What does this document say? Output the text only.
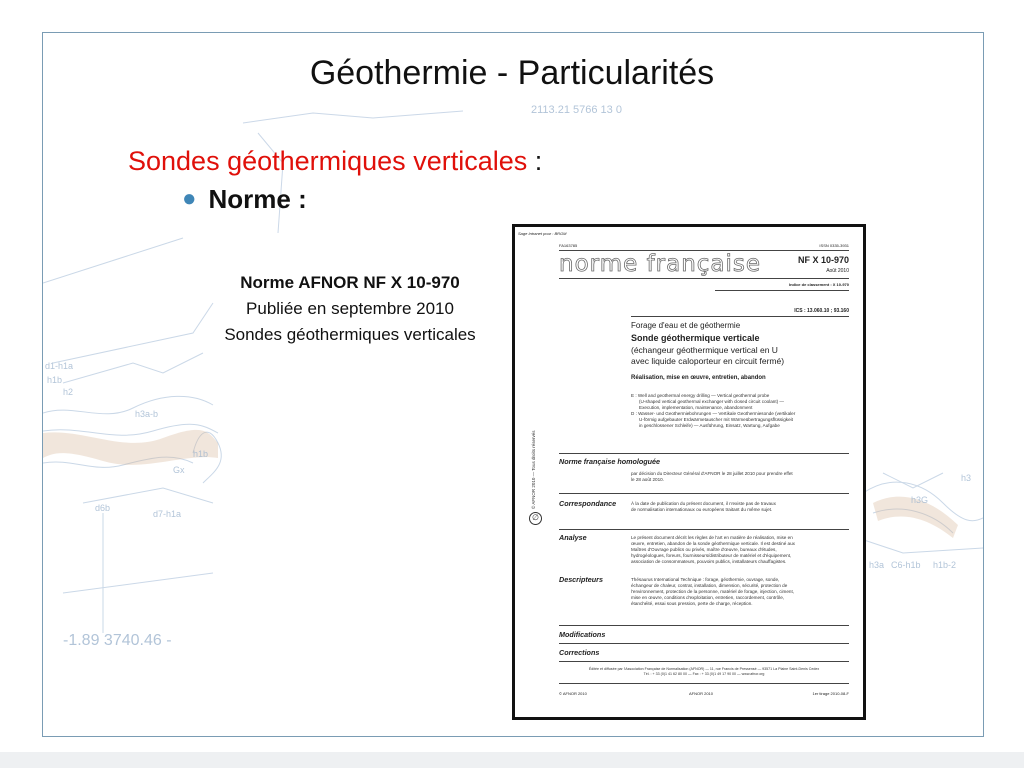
2113.21 5766 13 0
-1.89 3740.46 -
d1-h1a
h1b
h2
h3a-b
d6b
d7-h1a
Gx
h1b
h3
h3G
h3a C6-h1b h1b-2
Géothermie - Particularités
Sondes géothermiques verticales :
● Norme :
Norme AFNOR NF X 10-970
Publiée en septembre 2010
Sondes géothermiques verticales
Sage Intranet pour : BRGM
FA163785	ISSN 0335-3931
norme française	NF X 10-970
Août 2010
Indice de classement : X 10-970
ICS : 13.060.10 ; 93.160
Forage d'eau et de géothermie
Sonde géothermique verticale
(échangeur géothermique vertical en U
avec liquide caloporteur en circuit fermé)
Réalisation, mise en œuvre, entretien, abandon
E : Well and geothermal energy drilling — Vertical geothermal probe
(U-shaped vertical geothermal exchanger with closed circuit coolant) —
Execution, implementation, maintenance, abandonment
D : Wasser- und Geothermiebohrungen — Vertikale Geothermiesonde (vertikaler
U-förmig aufgebauter Erdwärmetauscher mit Wärmeübertragungsflüssigkeit
in geschlossener Schleife) — Ausführung, Einsatz, Wartung, Aufgabe
Norme française homologuée
par décision du Directeur Général d'AFNOR le 28 juillet 2010 pour prendre effet
le 28 août 2010.
Correspondance	À la date de publication du présent document, il n'existe pas de travaux
de normalisation internationaux ou européens traitant du même sujet.
Analyse	Le présent document décrit les règles de l'art en matière de réalisation, mise en
œuvre, entretien, abandon de la sonde géothermique verticale. Il est destiné aux
Maîtres d'Ouvrage publics ou privés, maître d'œuvre, bureaux d'études,
hydrogéologues, foreurs, fournisseurs/distributeur de matériel et d'équipement,
association de consommateurs, pouvoirs publics, installateurs chauffagistes.
Descripteurs	Thésaurus International Technique : forage, géothermie, ouvrage, sonde,
échangeur de chaleur, contrat, installation, dimension, sécurité, protection de
l'environnement, protection de la personne, matériel de forage, injection, ciment,
mise en œuvre, conditions d'exploitation, entretien, raccordement, contrôle,
étanchéité, essai sous pression, perte de charge, réception.
Modifications
Corrections
Éditée et diffusée par l'Association Française de Normalisation (AFNOR) — 11, rue Francis de Pressensé — 93571 La Plaine Saint-Denis Cedex
Tél. : + 33 (0)1 41 62 80 00 — Fax : + 33 (0)1 49 17 90 00 — www.afnor.org
© AFNOR 2010	AFNOR 2010	1er tirage 2010-08-F
© AFNOR 2010 — Tous droits réservés
∅
